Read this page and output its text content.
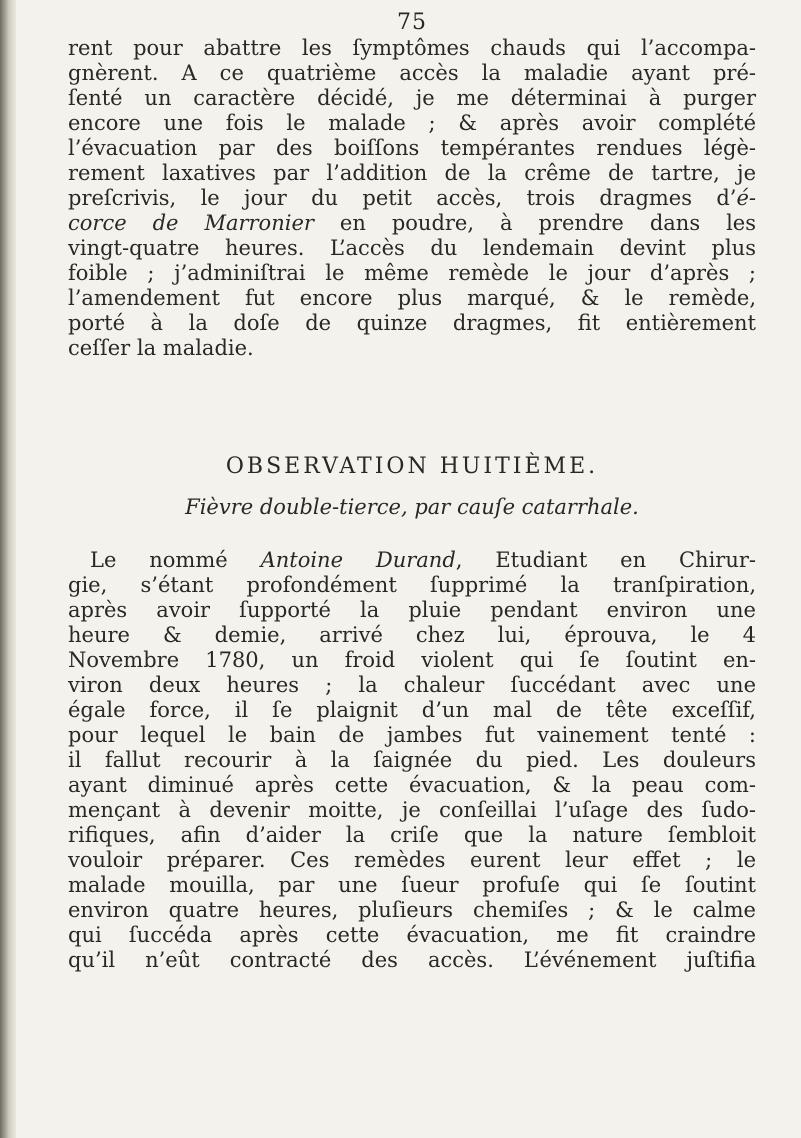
75
rent pour abattre les ſymptômes chauds qui l’accompa-
gnèrent. A ce quatrième accès la maladie ayant pré-
ſenté un caractère décidé, je me déterminai à purger
encore une fois le malade ; & après avoir complété
l’évacuation par des boiſſons tempérantes rendues légè-
rement laxatives par l’addition de la crême de tartre, je
preſcrivis, le jour du petit accès, trois dragmes d’é-
corce de Marronier en poudre, à prendre dans les
vingt-quatre heures. L’accès du lendemain devint plus
foible ; j’adminiſtrai le même remède le jour d’après ;
l’amendement fut encore plus marqué, & le remède,
porté à la doſe de quinze dragmes, fit entièrement
ceſſer la maladie.
OBSERVATION HUITIÈME.
Fièvre double-tierce, par cauſe catarrhale.
Le nommé Antoine Durand, Etudiant en Chirur-
gie, s’étant profondément ſupprimé la tranſpiration,
après avoir ſupporté la pluie pendant environ une
heure & demie, arrivé chez lui, éprouva, le 4
Novembre 1780, un froid violent qui ſe ſoutint en-
viron deux heures ; la chaleur ſuccédant avec une
égale force, il ſe plaignit d’un mal de tête exceſſif,
pour lequel le bain de jambes fut vainement tenté :
il fallut recourir à la ſaignée du pied. Les douleurs
ayant diminué après cette évacuation, & la peau com-
mençant à devenir moitte, je conſeillai l’uſage des ſudo-
rifiques, afin d’aider la criſe que la nature ſembloit
vouloir préparer. Ces remèdes eurent leur effet ; le
malade mouilla, par une ſueur profuſe qui ſe ſoutint
environ quatre heures, pluſieurs chemiſes ; & le calme
qui ſuccéda après cette évacuation, me fit craindre
qu’il n’eût contracté des accès. L’événement juſtifia
